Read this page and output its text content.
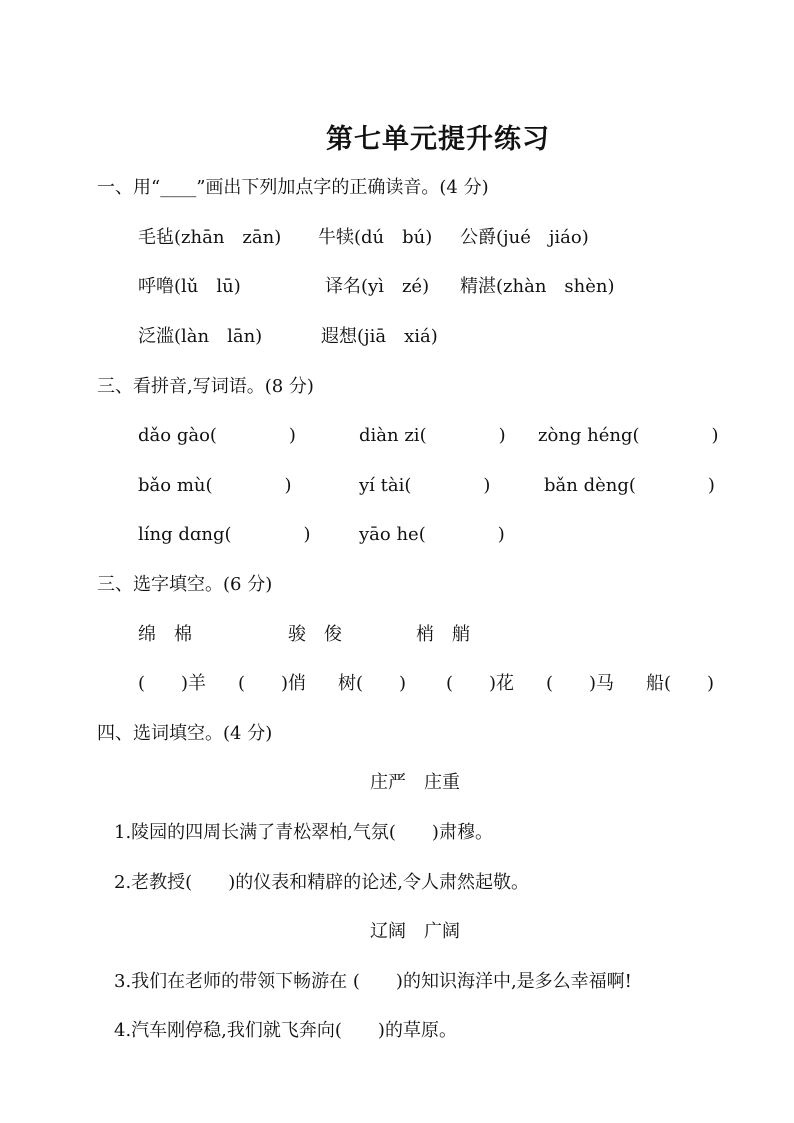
第七单元提升练习
一、用“____”画出下列加点字的正确读音。(4 分)
毛毡(zhān　zān) 牛犊(dú　bú) 公爵(jué　jiáo)
呼噜(lǔ　lū)	译名(yì　zé) 精湛(zhàn　shèn)
泛滥(làn　lān)	遐想(jiā　xiá)
三、看拼音,写词语。(8 分)
dǎo gào(　　　　)	diàn zi(　　　　) zòng héng(　　　　)
bǎo mù(　　　　)	yí tài(　　　　)	bǎn dèng(　　　　)
líng dɑng(　　　　)	yāo he(　　　　)
三、选字填空。(6 分)
绵　棉	骏　俊	梢　艄
(　　)羊 (　　)俏 树(　　) (　　)花 (　　)马 船(　　)
四、选词填空。(4 分)
庄严　庄重
1.陵园的四周长满了青松翠柏,气氛(　　)肃穆。
2.老教授(　　)的仪表和精辟的论述,令人肃然起敬。
辽阔　广阔
3.我们在老师的带领下畅游在 (　　)的知识海洋中,是多么幸福啊!
4.汽车刚停稳,我们就飞奔向(　　)的草原。
